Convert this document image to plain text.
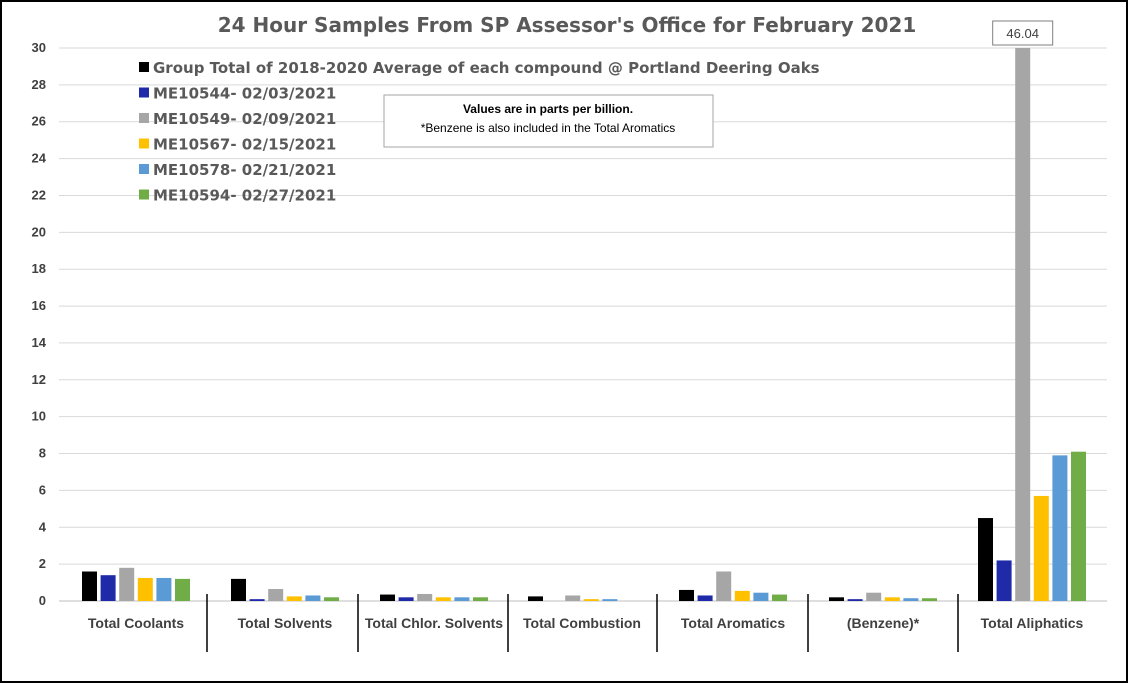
24 Hour Samples From SP Assessor's Office for February 2021
0
2
4
6
8
10
12
14
16
18
20
22
24
26
28
30
Total Coolants	Total Solvents Total Chlor. Solvents Total Combustion	Total Aromatics	(Benzene)*	Total Aliphatics
Group Total of 2018-2020 Average of each compound @ Portland Deering Oaks
ME10544- 02/03/2021
ME10549- 02/09/2021
ME10567- 02/15/2021
ME10578- 02/21/2021
ME10594- 02/27/2021
Values are in parts per billion.
*Benzene is also included in the Total Aromatics
46.04
